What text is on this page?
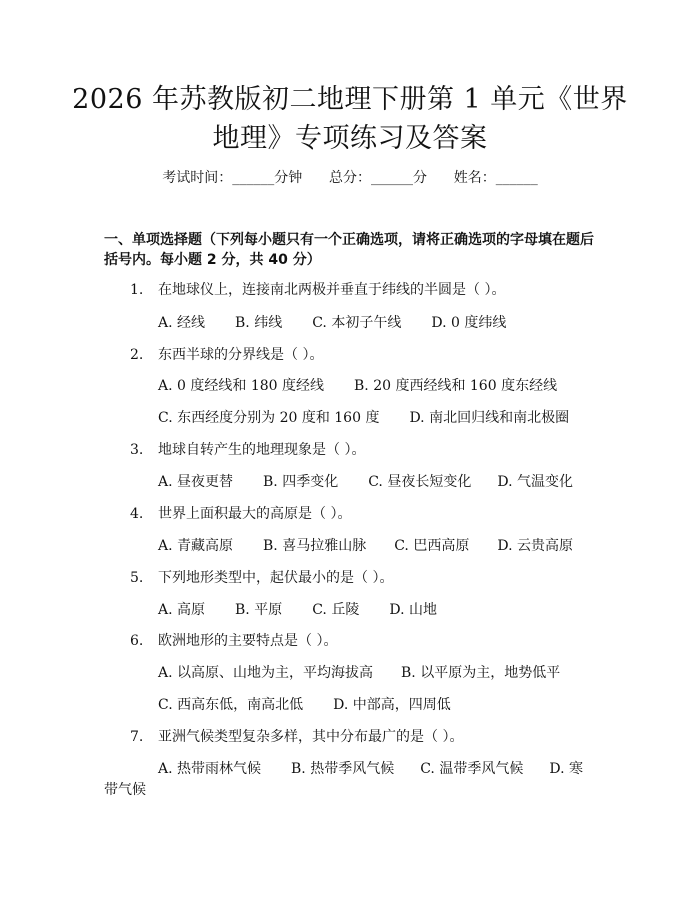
2026 年苏教版初二地理下册第 1 单元《世界
地理》专项练习及答案
考试时间：______分钟      总分：______分      姓名：______
一、单项选择题（下列每小题只有一个正确选项，请将正确选项的字母填在题后
括号内。每小题 2 分，共 40 分）
1. 在地球仪上，连接南北两极并垂直于纬线的半圆是（ ）。
A. 经线 B. 纬线 C. 本初子午线 D. 0 度纬线
2. 东西半球的分界线是（ ）。
A. 0 度经线和 180 度经线 B. 20 度西经线和 160 度东经线
C. 东西经度分别为 20 度和 160 度 D. 南北回归线和南北极圈
3. 地球自转产生的地理现象是（ ）。
A. 昼夜更替 B. 四季变化 C. 昼夜长短变化 D. 气温变化
4. 世界上面积最大的高原是（ ）。
A. 青藏高原 B. 喜马拉雅山脉 C. 巴西高原 D. 云贵高原
5. 下列地形类型中，起伏最小的是（ ）。
A. 高原 B. 平原 C. 丘陵 D. 山地
6. 欧洲地形的主要特点是（ ）。
A. 以高原、山地为主，平均海拔高 B. 以平原为主，地势低平
C. 西高东低，南高北低 D. 中部高，四周低
7. 亚洲气候类型复杂多样，其中分布最广的是（ ）。
A. 热带雨林气候 B. 热带季风气候 C. 温带季风气候 D. 寒
带气候
